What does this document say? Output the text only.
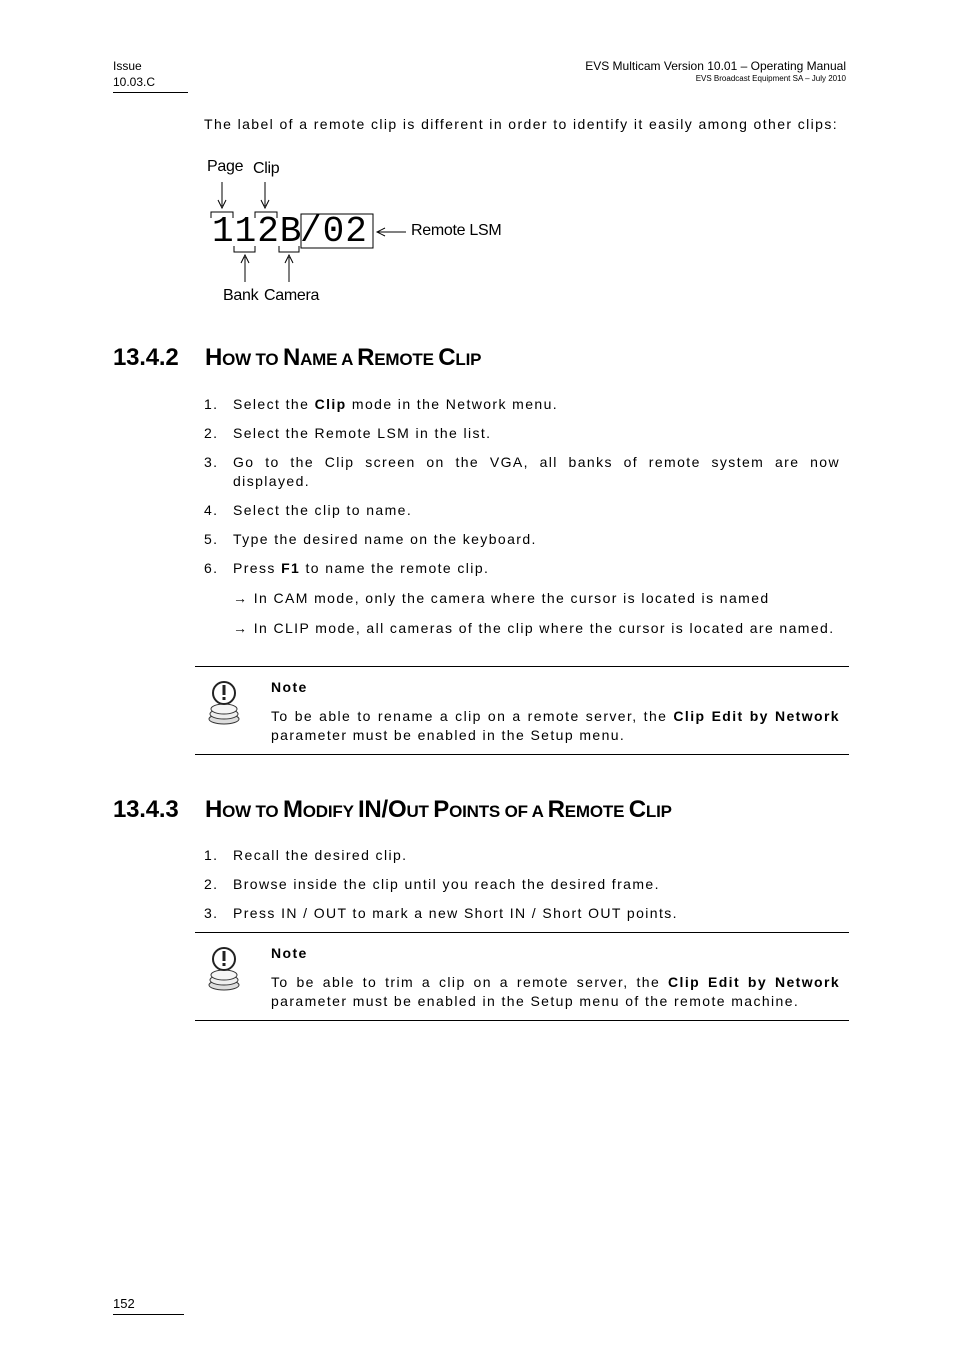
Issue
10.03.C
EVS Multicam Version 10.01 – Operating Manual
EVS Broadcast Equipment SA – July 2010
The label of a remote clip is different in order to identify it easily among other clips:
Page Clip
112B
/02	Remote LSM
Bank Camera
13.4.2 HOW TO NAME A REMOTE CLIP
1.	Select the Clip mode in the Network menu.
2.	Select the Remote LSM in the list.
3.	Go to the Clip screen on the VGA, all banks of remote system are now displayed.
4.	Select the clip to name.
5.	Type the desired name on the keyboard.
6.	Press F1 to name the remote clip.
→ In CAM mode, only the camera where the cursor is located is named
→ In CLIP mode, all cameras of the clip where the cursor is located are named.
Note
To be able to rename a clip on a remote server, the Clip Edit by Network parameter must be enabled in the Setup menu.
13.4.3 HOW TO MODIFY IN/OUT POINTS OF A REMOTE CLIP
1.	Recall the desired clip.
2.	Browse inside the clip until you reach the desired frame.
3.	Press IN / OUT to mark a new Short IN / Short OUT points.
Note
To be able to trim a clip on a remote server, the Clip Edit by Network parameter must be enabled in the Setup menu of the remote machine.
152
